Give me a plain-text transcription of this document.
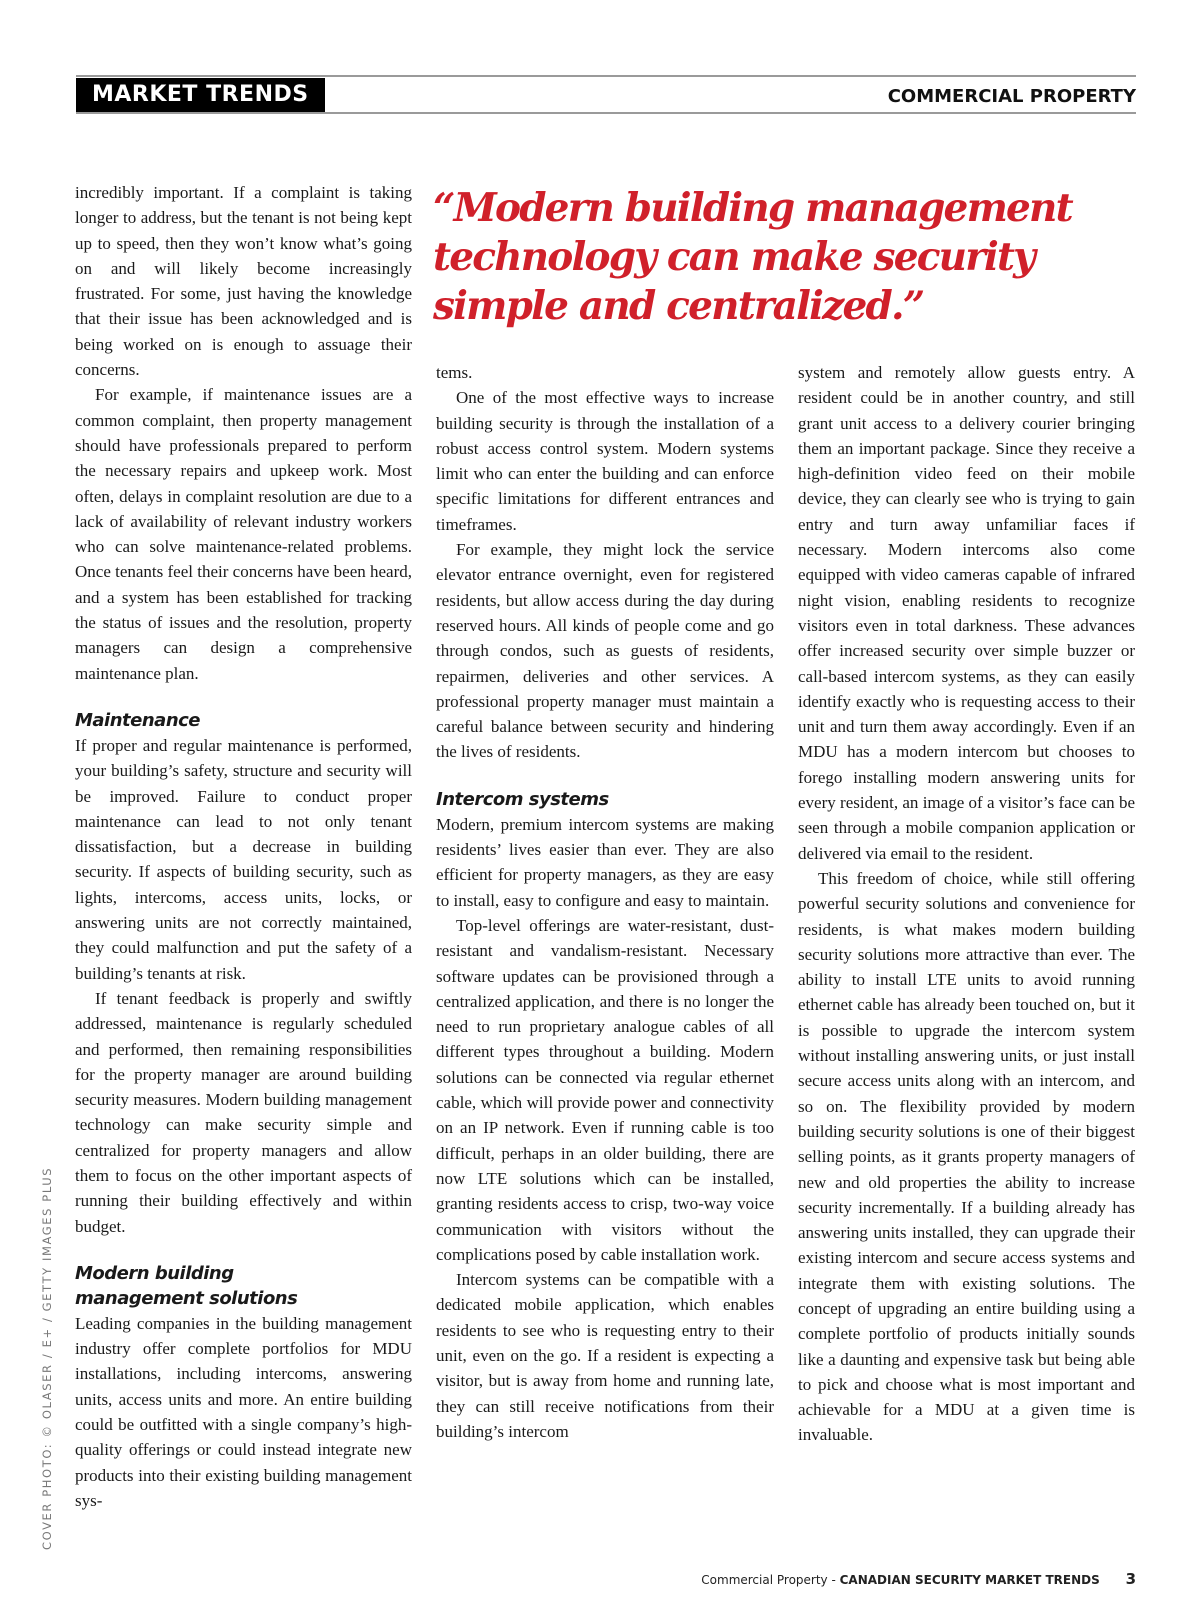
MARKET TRENDS	COMMERCIAL PROPERTY

incredibly important. If a complaint is taking longer to address, but the tenant is not being kept up to speed, then they won’t know what’s going on and will likely become increasingly frustrated. For some, just having the knowledge that their issue has been acknowledged and is being worked on is enough to assuage their concerns.

For example, if maintenance issues are a common complaint, then property management should have professionals prepared to perform the necessary repairs and upkeep work. Most often, delays in complaint resolution are due to a lack of availability of relevant industry workers who can solve maintenance-related problems. Once tenants feel their concerns have been heard, and a system has been established for tracking the status of issues and the resolution, property managers can design a comprehensive maintenance plan.

Maintenance

If proper and regular maintenance is performed, your building’s safety, structure and security will be improved. Failure to conduct proper maintenance can lead to not only tenant dissatisfaction, but a decrease in building security. If aspects of building security, such as lights, intercoms, access units, locks, or answering units are not correctly maintained, they could malfunction and put the safety of a building’s tenants at risk.

If tenant feedback is properly and swiftly addressed, maintenance is regularly scheduled and performed, then remaining responsibilities for the property manager are around building security measures. Modern building management technology can make security simple and centralized for property managers and allow them to focus on the other important aspects of running their building effectively and within budget.

Modern building
management solutions

Leading companies in the building management industry offer complete portfolios for MDU installations, including intercoms, answering units, access units and more. An entire building could be outfitted with a single company’s high-quality offerings or could instead integrate new products into their existing building management sys-

“Modern building management technology can make security simple and centralized.”

tems.

One of the most effective ways to increase building security is through the installation of a robust access control system. Modern systems limit who can enter the building and can enforce specific limitations for different entrances and timeframes.

For example, they might lock the service elevator entrance overnight, even for registered residents, but allow access during the day during reserved hours. All kinds of people come and go through condos, such as guests of residents, repairmen, deliveries and other services. A professional property manager must maintain a careful balance between security and hindering the lives of residents.

Intercom systems

Modern, premium intercom systems are making residents’ lives easier than ever. They are also efficient for property managers, as they are easy to install, easy to configure and easy to maintain.

Top-level offerings are water-resistant, dust-resistant and vandalism-resistant. Necessary software updates can be provisioned through a centralized application, and there is no longer the need to run proprietary analogue cables of all different types throughout a building. Modern solutions can be connected via regular ethernet cable, which will provide power and connectivity on an IP network. Even if running cable is too difficult, perhaps in an older building, there are now LTE solutions which can be installed, granting residents access to crisp, two-way voice communication with visitors without the complications posed by cable installation work.

Intercom systems can be compatible with a dedicated mobile application, which enables residents to see who is requesting entry to their unit, even on the go. If a resident is expecting a visitor, but is away from home and running late, they can still receive notifications from their building’s intercom

system and remotely allow guests entry. A resident could be in another country, and still grant unit access to a delivery courier bringing them an important package. Since they receive a high-definition video feed on their mobile device, they can clearly see who is trying to gain entry and turn away unfamiliar faces if necessary. Modern intercoms also come equipped with video cameras capable of infrared night vision, enabling residents to recognize visitors even in total darkness. These advances offer increased security over simple buzzer or call-based intercom systems, as they can easily identify exactly who is requesting access to their unit and turn them away accordingly. Even if an MDU has a modern intercom but chooses to forego installing modern answering units for every resident, an image of a visitor’s face can be seen through a mobile companion application or delivered via email to the resident.

This freedom of choice, while still offering powerful security solutions and convenience for residents, is what makes modern building security solutions more attractive than ever. The ability to install LTE units to avoid running ethernet cable has already been touched on, but it is possible to upgrade the intercom system without installing answering units, or just install secure access units along with an intercom, and so on. The flexibility provided by modern building security solutions is one of their biggest selling points, as it grants property managers of new and old properties the ability to increase security incrementally. If a building already has answering units installed, they can upgrade their existing intercom and secure access systems and integrate them with existing solutions. The concept of upgrading an entire building using a complete portfolio of products initially sounds like a daunting and expensive task but being able to pick and choose what is most important and achievable for a MDU at a given time is invaluable.

COVER PHOTO: © OLASER / E+ / GETTY IMAGES PLUS
Commercial Property - CANADIAN SECURITY MARKET TRENDS 3
